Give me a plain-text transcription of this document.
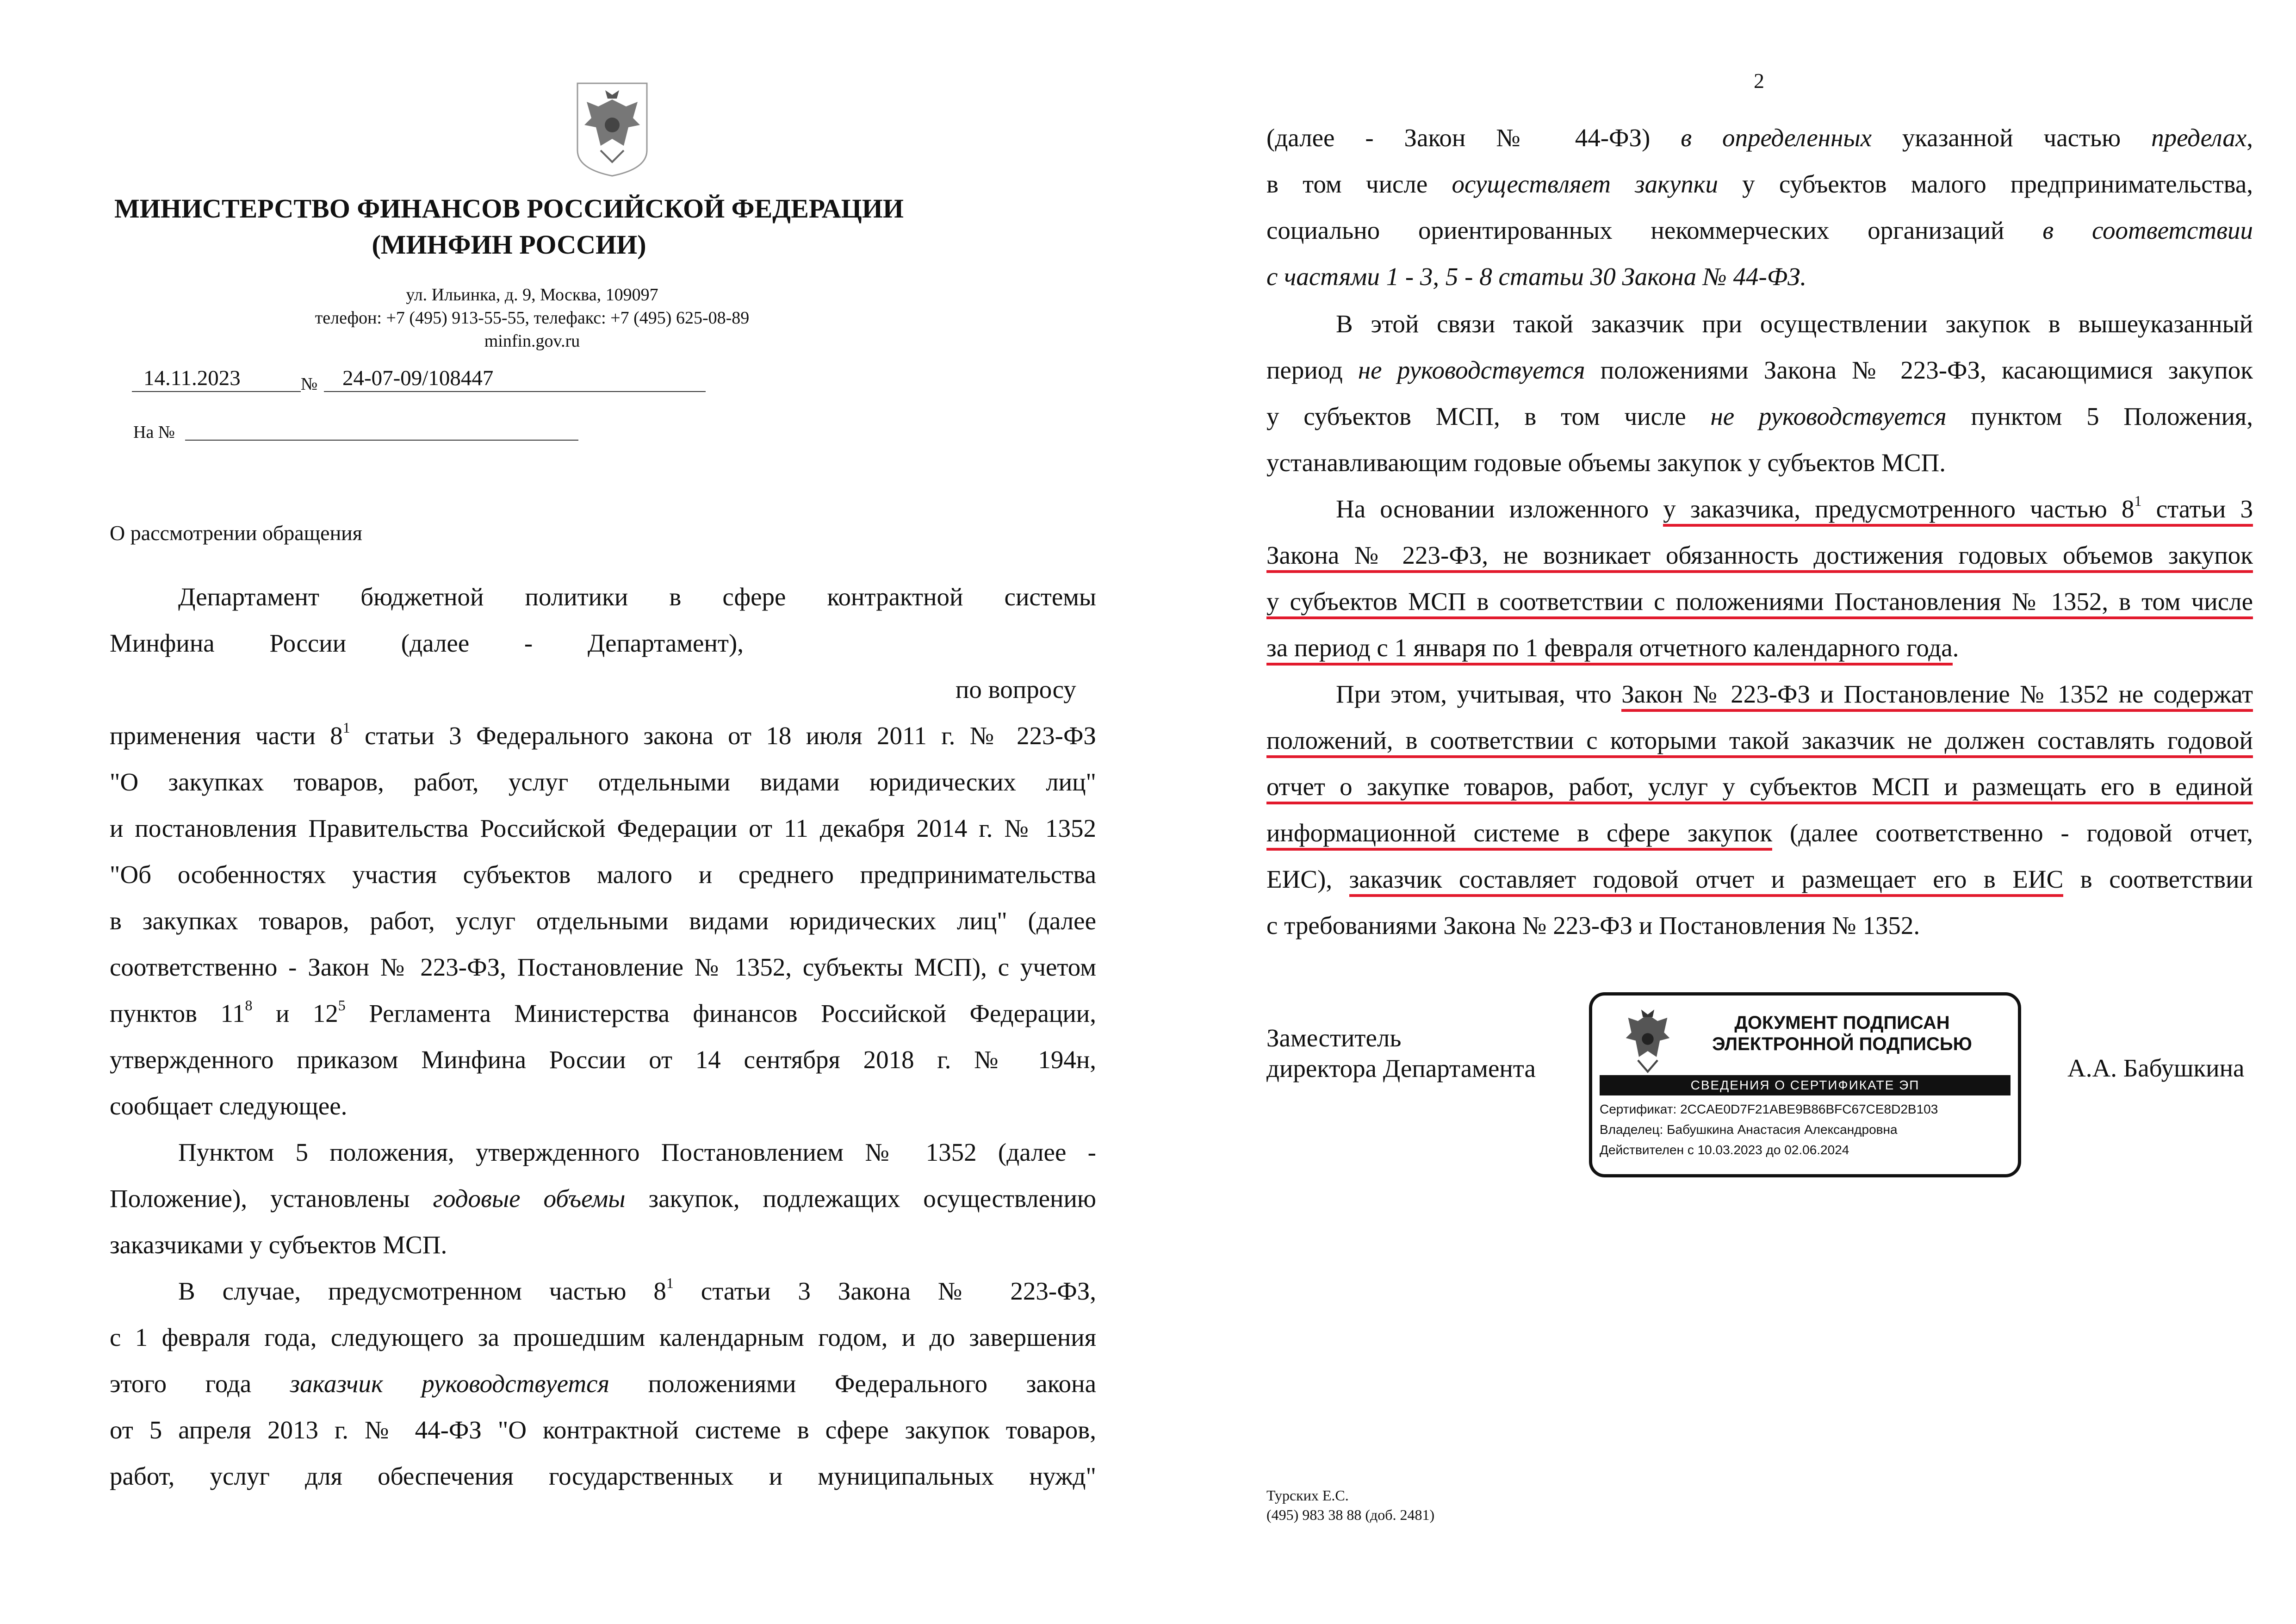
МИНИСТЕРСТВО ФИНАНСОВ РОССИЙСКОЙ ФЕДЕРАЦИИ
(МИНФИН РОССИИ)
ул. Ильинка, д. 9, Москва, 109097
телефон: +7 (495) 913-55-55, телефакс: +7 (495) 625-08-89
minfin.gov.ru
14.11.2023	№ 24-07-09/108447
На №
О рассмотрении обращения
Департамент бюджетной политики в сфере контрактной системы
Минфина России (далее - Департамент),
по вопросу
применения части $8^1$ статьи 3 Федерального закона от 18 июля 2011 г. № 223-ФЗ
"О закупках товаров, работ, услуг отдельными видами юридических лиц"
и постановления Правительства Российской Федерации от 11 декабря 2014 г. № 1352
"Об особенностях участия субъектов малого и среднего предпринимательства
в закупках товаров, работ, услуг отдельными видами юридических лиц" (далее
соответственно - Закон № 223-ФЗ, Постановление № 1352, субъекты МСП), с учетом
пунктов $11^8$ и $12^5$ Регламента Министерства финансов Российской Федерации,
утвержденного приказом Минфина России от 14 сентября 2018 г. № 194н,
сообщает следующее.
Пунктом 5 положения, утвержденного Постановлением № 1352 (далее -
Положение), установлены годовые объемы закупок, подлежащих осуществлению
заказчиками у субъектов МСП.
В случае, предусмотренном частью $8^1$ статьи 3 Закона № 223-ФЗ,
с 1 февраля года, следующего за прошедшим календарным годом, и до завершения
этого года заказчик руководствуется положениями Федерального закона
от 5 апреля 2013 г. № 44-ФЗ "О контрактной системе в сфере закупок товаров,
работ, услуг для обеспечения государственных и муниципальных нужд"
2
(далее - Закон № 44-ФЗ) в определенных указанной частью пределах,
в том числе осуществляет закупки у субъектов малого предпринимательства,
социально ориентированных некоммерческих организаций в соответствии
с частями 1 - 3, 5 - 8 статьи 30 Закона № 44-ФЗ.
В этой связи такой заказчик при осуществлении закупок в вышеуказанный
период не руководствуется положениями Закона № 223-ФЗ, касающимися закупок
у субъектов МСП, в том числе не руководствуется пунктом 5 Положения,
устанавливающим годовые объемы закупок у субъектов МСП.
На основании изложенного у заказчика, предусмотренного частью $8^1$ статьи 3
Закона № 223-ФЗ, не возникает обязанность достижения годовых объемов закупок
у субъектов МСП в соответствии с положениями Постановления № 1352, в том числе
за период с 1 января по 1 февраля отчетного календарного года.
При этом, учитывая, что Закон № 223-ФЗ и Постановление № 1352 не содержат
положений, в соответствии с которыми такой заказчик не должен составлять годовой
отчет о закупке товаров, работ, услуг у субъектов МСП и размещать его в единой
информационной системе в сфере закупок (далее соответственно - годовой отчет,
ЕИС), заказчик составляет годовой отчет и размещает его в ЕИС в соответствии
с требованиями Закона № 223-ФЗ и Постановления № 1352.
Заместитель
директора Департамента
ДОКУМЕНТ ПОДПИСАН
ЭЛЕКТРОННОЙ ПОДПИСЬЮ
СВЕДЕНИЯ О СЕРТИФИКАТЕ ЭП
Сертификат: 2CCAE0D7F21ABE9B86BFC67CE8D2B103
Владелец: Бабушкина Анастасия Александровна
Действителен с 10.03.2023 до 02.06.2024
А.А. Бабушкина
Турских Е.С.
(495) 983 38 88 (доб. 2481)
